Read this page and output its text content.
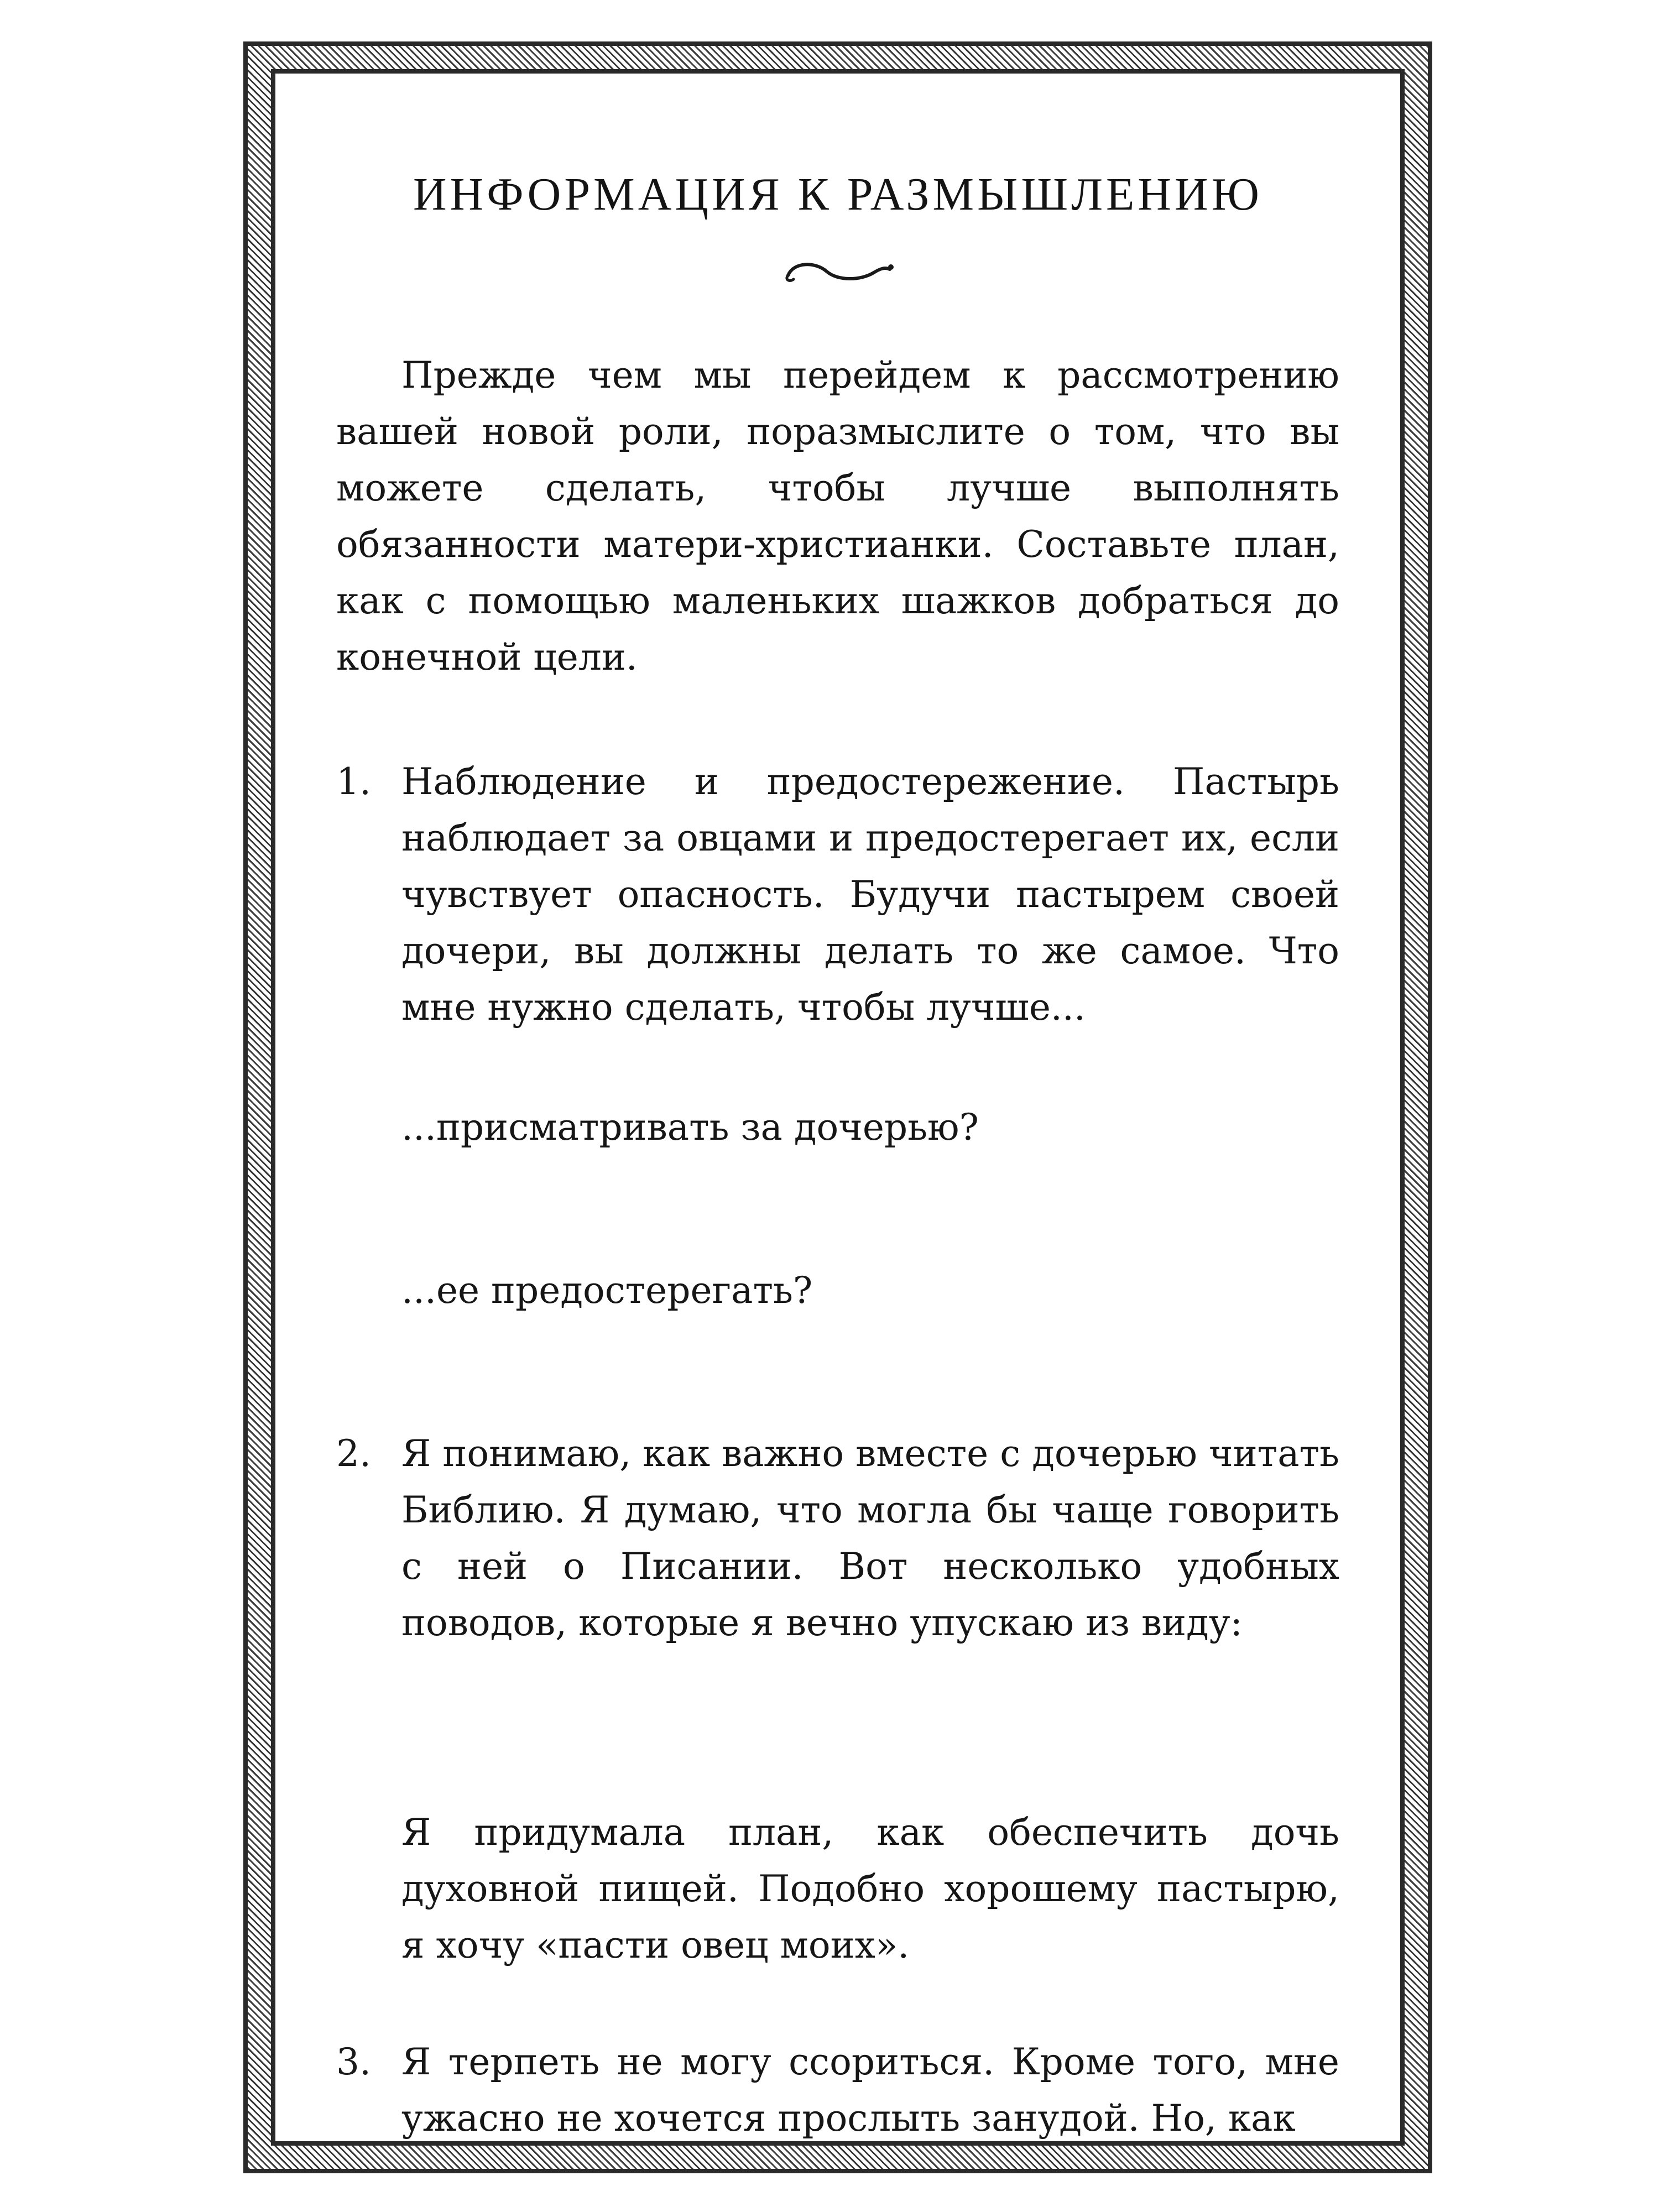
ИНФОРМАЦИЯ К РАЗМЫШЛЕНИЮ
Прежде чем мы перейдем к рассмотрению вашей новой роли, поразмыслите о том, что вы можете сделать, чтобы лучше выполнять обязанности матери-христианки. Составьте план, как с помощью маленьких шажков добраться до конечной цели.
1. Наблюдение и предостережение. Пастырь наблюдает за овцами и предостерегает их, если чувствует опасность. Будучи пастырем своей дочери, вы должны делать то же самое. Что мне нужно сделать, чтобы лучше...
...присматривать за дочерью?
...ее предостерегать?
2. Я понимаю, как важно вместе с дочерью читать Библию. Я думаю, что могла бы чаще говорить с ней о Писании. Вот несколько удобных поводов, которые я вечно упускаю из виду:
Я придумала план, как обеспечить дочь духовной пищей. Подобно хорошему пастырю, я хочу «пасти овец моих».
3. Я терпеть не могу ссориться. Кроме того, мне ужасно не хочется прослыть занудой. Но, как
